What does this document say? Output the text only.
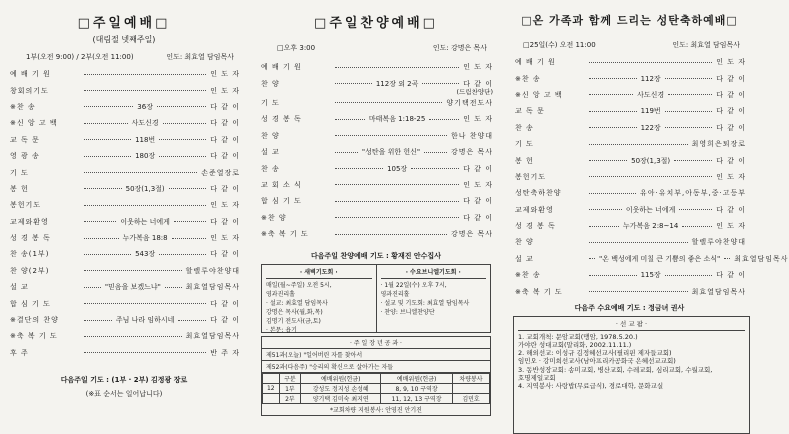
□주일예배□
(대림절 넷째주일)
1부(오전 9:00) / 2부(오전 11:00)	인도: 최효열 담임목사
예 배 기 원	인 도 자
창회의기도	인 도 자
※찬 송	36장	다 같 이
※신 앙 고 백	사도신경	다 같 이
교 독 문	118번	다 같 이
영 광 송	180장	다 같 이
기 도	손준열장로
봉 헌	50장(1,3절)	다 같 이
봉헌기도	인 도 자
교제와환영	이웃하는 너에게	다 같 이
성 경 봉 독	누가복음 18:8	인 도 자
찬 송(1부)	543장	다 같 이
찬 양(2부)	할렐루야찬양대
설 교	"믿음을 보겠느냐"	최효열담임목사
합 심 기 도	다 같 이
※결단의 찬양	주님 나라 임하시네	다 같 이
※축 복 기 도	최효열담임목사
후 주	반 주 자
다음주일 기도 : (1부 · 2부) 김정광 장로
(※표 순서는 일어납니다)
□주일찬양예배□
□오후 3:00	인도: 강명은 목사
예 배 기 원	인 도 자
찬 양	112장 외 2곡	다 같 이
(드림찬양단)
기 도	양기택전도사
성 경 봉 독	마태복음 1:18-25	인 도 자
찬 양	한나 찬양대
설 교	"성탄을 위한 헌신"	강명은 목사
찬 송	105장	다 같 이
교 회 소 식	인 도 자
합 심 기 도	다 같 이
※찬 양	다 같 이
※축 복 기 도	강명은 목사
다음주일 찬양예배 기도 : 황재진 안수집사
· 새벽기도회 ·
매일(월~주일) 오전 5시,
영과진리홀
· 설교: 최효열 담임목사
강명은 목사(월,화,목)
김명기 전도사(금,토)
· 본문: 욥기
· 수요브니엘기도회 ·
· 1월 22일(수) 오후 7시,
영과진리홀
· 설교 및 기도회: 최효열 담임목사
· 찬양: 브니엘찬양단
· 주 일 장 년 공 과 ·
제51과(오늘) "일어버린 자를 찾아서
제52과(다음주) "승리의 확신으로 살아가는 자들
	구분	예배위원(헌금)	예배위원(헌금)	차량봉사
12	1부	강성도 정지성 손성혜	8, 9, 10 구역장	
	2부	양기택 김미숙 최지연	11, 12, 13 구역장	김민호
*교회차량 지원봉사: 안영진 안기진
□온 가족과 함께 드리는 성탄축하예배□
□25일(수) 오전 11:00	인도: 최효열 담임목사
예 배 기 원	인 도 자
※찬 송	112장	다 같 이
※신 앙 고 백	사도신경	다 같 이
교 독 문	119번	다 같 이
찬 송	122장	다 같 이
기 도	최영희은퇴장로
봉 헌	50장(1,3절)	다 같 이
봉헌기도	인 도 자
성탄축하찬양	유아·유치부,아동부,중·고등부
교제와환영	이웃하는 너에게	다 같 이
성 경 봉 독	누가복음 2:8~14	인 도 자
찬 양	할렐루야찬양대
설 교	"온 백성에게 미칠 큰 기쁨의 좋은 소식" 최효열담임목사
※찬 송	115장	다 같 이
※축 복 기 도	최효열담임목사
다음주 수요예배 기도 : 정금녀 권사
· 선 교 팜 ·
1. 교회개척: 문암교회(맹암, 1978.5.20.)
가야란 성대교회(말리화, 2002.11.11.)
2. 해외선교: 이성규 김정혜선교사(필리핀 제자들교회)
임민오 · 강미희선교사(남아프리카공화국 은혜선교교회)
3. 동반성장교회: 송미교회, 병산교회, 수레교회, 심리교회, 수월교회,
호명제일교회
4. 지역봉사: 사랑밥(무료급식), 경로대학, 문화교실
